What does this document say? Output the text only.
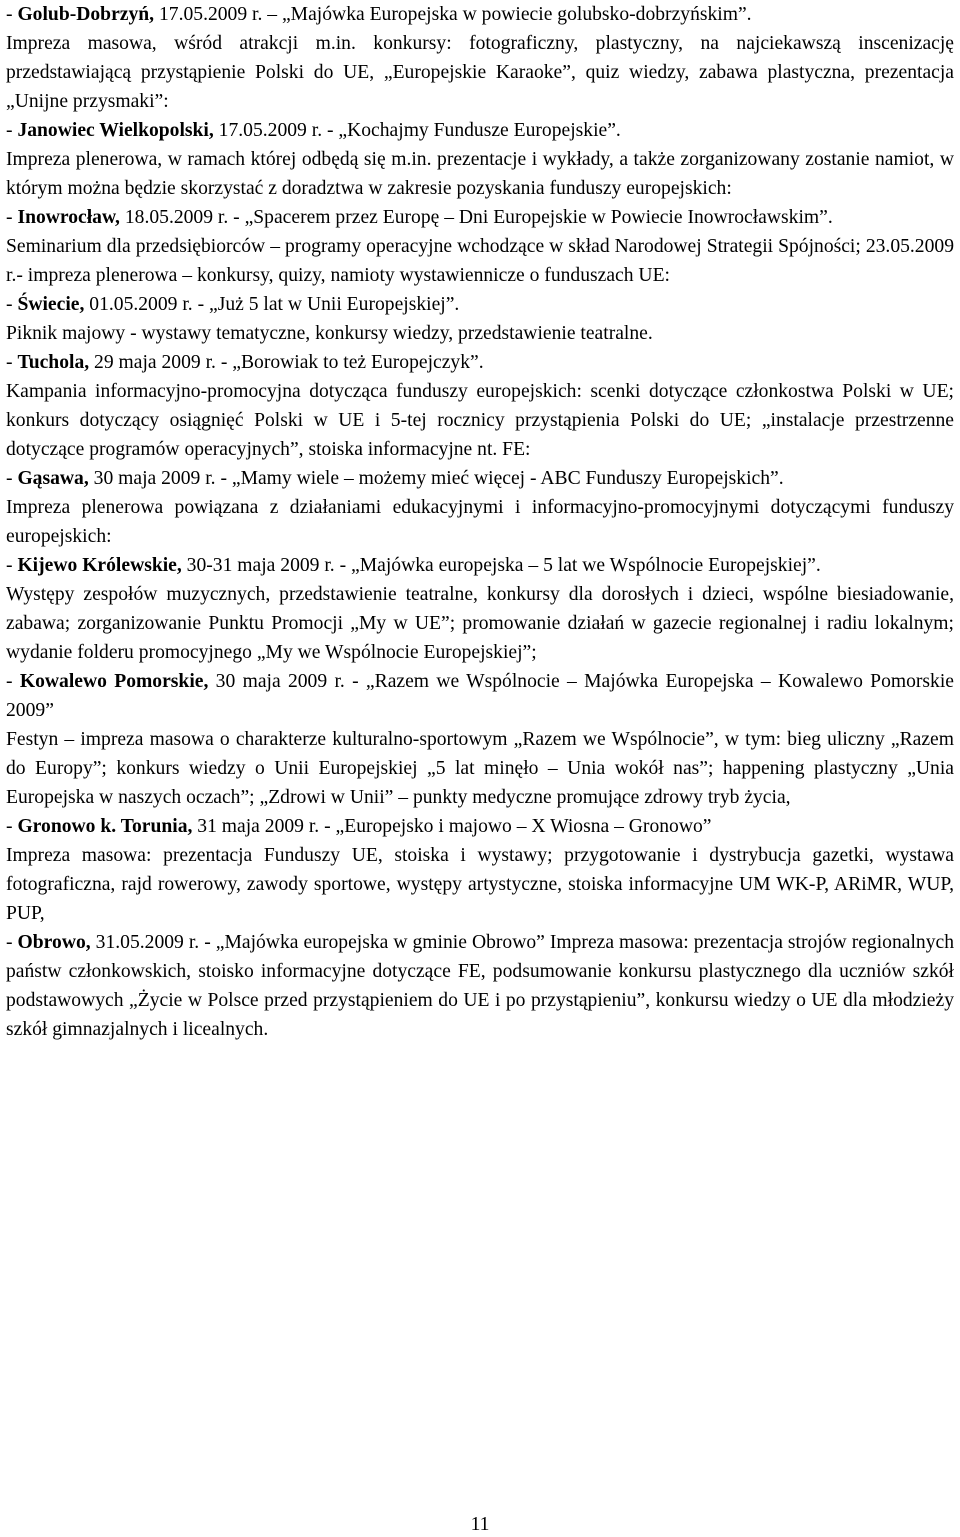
- Golub-Dobrzyń, 17.05.2009 r. – „Majówka Europejska w powiecie golubsko-dobrzyńskim”.

Impreza masowa, wśród atrakcji m.in. konkursy: fotograficzny, plastyczny, na najciekawszą inscenizację przedstawiającą przystąpienie Polski do UE, „Europejskie Karaoke”, quiz wiedzy, zabawa plastyczna, prezentacja „Unijne przysmaki”:

- Janowiec Wielkopolski, 17.05.2009 r. - „Kochajmy Fundusze Europejskie”.

Impreza plenerowa, w ramach której odbędą się m.in. prezentacje i wykłady, a także zorganizowany zostanie namiot, w którym można będzie skorzystać z doradztwa w zakresie pozyskania funduszy europejskich:

- Inowrocław, 18.05.2009 r. - „Spacerem przez Europę – Dni Europejskie w Powiecie Inowrocławskim”.

Seminarium dla przedsiębiorców – programy operacyjne wchodzące w skład Narodowej Strategii Spójności; 23.05.2009 r.- impreza plenerowa – konkursy, quizy, namioty wystawiennicze o funduszach UE:

- Świecie, 01.05.2009 r. - „Już 5 lat w Unii Europejskiej”.

Piknik majowy - wystawy tematyczne, konkursy wiedzy, przedstawienie teatralne.

- Tuchola, 29 maja 2009 r. - „Borowiak to też Europejczyk”.

Kampania informacyjno-promocyjna dotycząca funduszy europejskich: scenki dotyczące członkostwa Polski w UE; konkurs dotyczący osiągnięć Polski w UE i 5-tej rocznicy przystąpienia Polski do UE; „instalacje przestrzenne dotyczące programów operacyjnych”, stoiska informacyjne nt. FE:

- Gąsawa, 30 maja 2009 r. - „Mamy wiele – możemy mieć więcej - ABC Funduszy Europejskich”.

Impreza plenerowa powiązana z działaniami edukacyjnymi i informacyjno-promocyjnymi dotyczącymi funduszy europejskich:

- Kijewo Królewskie, 30-31 maja 2009 r. - „Majówka europejska – 5 lat we Wspólnocie Europejskiej”.

Występy zespołów muzycznych, przedstawienie teatralne, konkursy dla dorosłych i dzieci, wspólne biesiadowanie, zabawa; zorganizowanie Punktu Promocji „My w UE”; promowanie działań w gazecie regionalnej i radiu lokalnym; wydanie folderu promocyjnego „My we Wspólnocie Europejskiej”;

- Kowalewo Pomorskie, 30 maja 2009 r. - „Razem we Wspólnocie – Majówka Europejska – Kowalewo Pomorskie 2009”

Festyn – impreza masowa o charakterze kulturalno-sportowym „Razem we Wspólnocie”, w tym: bieg uliczny „Razem do Europy”; konkurs wiedzy o Unii Europejskiej „5 lat minęło – Unia wokół nas”; happening plastyczny „Unia Europejska w naszych oczach”; „Zdrowi w Unii” – punkty medyczne promujące zdrowy tryb życia,

- Gronowo k. Torunia, 31 maja 2009 r. - „Europejsko i majowo – X Wiosna – Gronowo”

Impreza masowa: prezentacja Funduszy UE, stoiska i wystawy; przygotowanie i dystrybucja gazetki, wystawa fotograficzna, rajd rowerowy, zawody sportowe, występy artystyczne, stoiska informacyjne UM WK-P, ARiMR, WUP, PUP,

- Obrowo, 31.05.2009 r. - „Majówka europejska w gminie Obrowo” Impreza masowa: prezentacja strojów regionalnych państw członkowskich, stoisko informacyjne dotyczące FE, podsumowanie konkursu plastycznego dla uczniów szkół podstawowych „Życie w Polsce przed przystąpieniem do UE i po przystąpieniu”, konkursu wiedzy o UE dla młodzieży szkół gimnazjalnych i licealnych.

11
